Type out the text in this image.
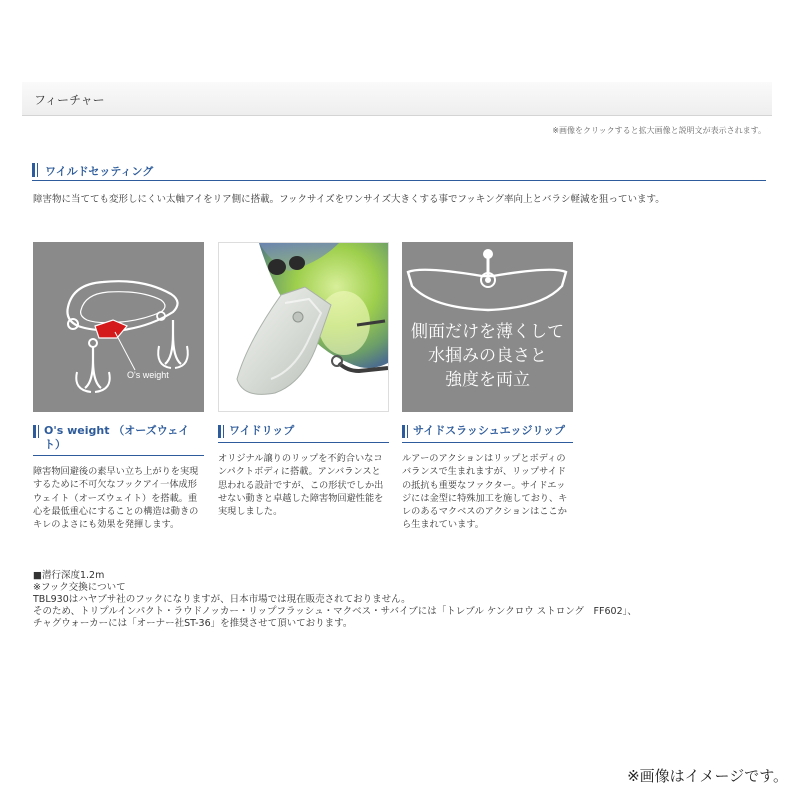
フィーチャー
※画像をクリックすると拡大画像と説明文が表示されます。
ワイルドセッティング
障害物に当てても変形しにくい太軸アイをリア側に搭載。フックサイズをワンサイズ大きくする事でフッキング率向上とバラシ軽減を狙っています。
O's weight
O's weight （オーズウェイト）
障害物回避後の素早い立ち上がりを実現するために不可欠なフックアイ一体成形ウェイト（オーズウェイト）を搭載。重心を最低重心にすることの構造は動きのキレのよさにも効果を発揮します。
ワイドリップ
オリジナル譲りのリップを不釣合いなコンパクトボディに搭載。アンバランスと思われる設計ですが、この形状でしか出せない動きと卓越した障害物回避性能を実現しました。
側面だけを薄くして
水掴みの良さと
強度を両立
サイドスラッシュエッジリップ
ルアーのアクションはリップとボディのバランスで生まれますが、リップサイドの抵抗も重要なファクター。サイドエッジには金型に特殊加工を施しており、キレのあるマクベスのアクションはここから生まれています。
■潜行深度1.2m
※フック交換について
TBL930はハヤブサ社のフックになりますが、日本市場では現在販売されておりません。
そのため、トリプルインパクト・ラウドノッカー・リップフラッシュ・マクベス・サバイブには「トレブル ケンクロウ ストロング　FF602」、
チャグウォーカーには「オーナー社ST-36」を推奨させて頂いております。
※画像はイメージです。
